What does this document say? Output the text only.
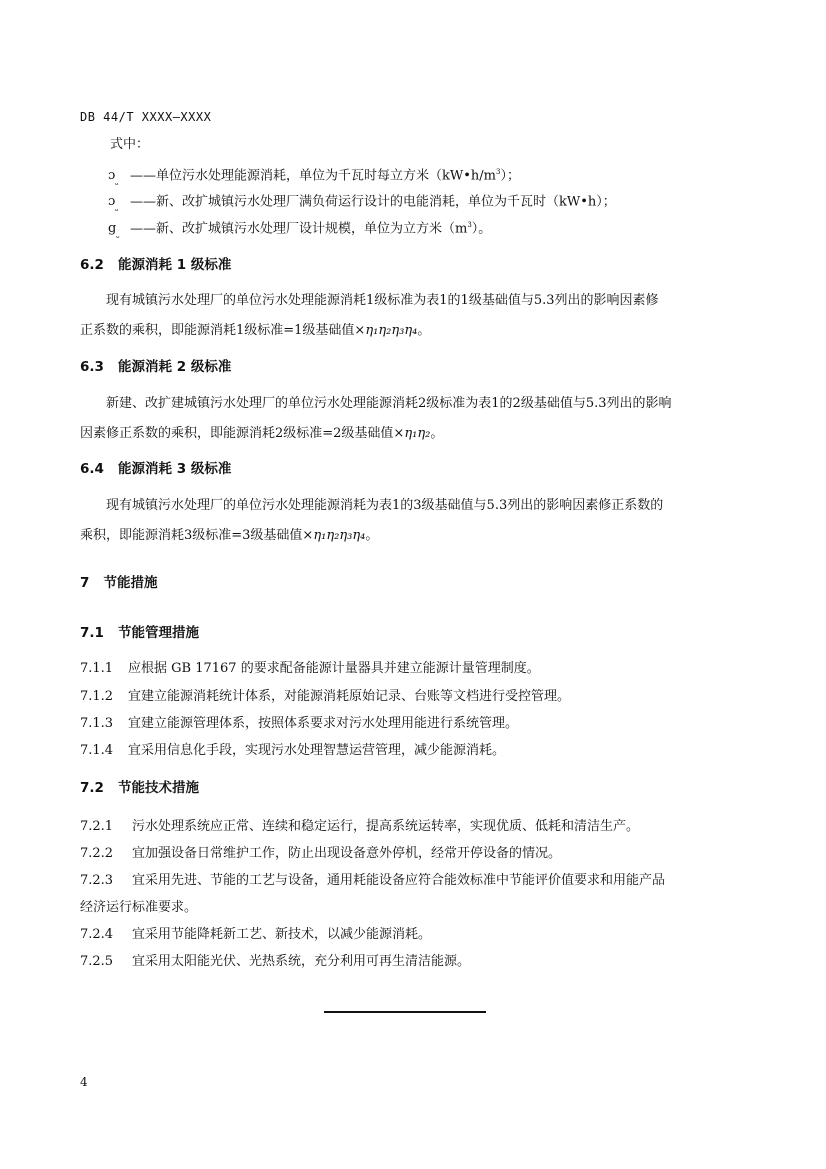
DB 44/T XXXX—XXXX
式中：
ɔ$_⎵$ ——单位污水处理能源消耗，单位为千瓦时每立方米$(kW•h/m^3)$；
ɔ$_⎵$ ——新、改扩城镇污水处理厂满负荷运行设计的电能消耗，单位为千瓦时（kW•h）；
$g_⎵$ ——新、改扩城镇污水处理厂设计规模，单位为立方米$(m^3)$。
6.2 能源消耗 1 级标准
现有城镇污水处理厂的单位污水处理能源消耗1级标准为表1的1级基础值与5.3列出的影响因素修
正系数的乘积，即能源消耗1级标准=1级基础值×η₁η₂η₃η₄。
6.3 能源消耗 2 级标准
新建、改扩建城镇污水处理厂的单位污水处理能源消耗2级标准为表1的2级基础值与5.3列出的影响
因素修正系数的乘积，即能源消耗2级标准=2级基础值×η₁η₂。
6.4 能源消耗 3 级标准
现有城镇污水处理厂的单位污水处理能源消耗为表1的3级基础值与5.3列出的影响因素修正系数的
乘积，即能源消耗3级标准=3级基础值×η₁η₂η₃η₄。
7 节能措施
7.1 节能管理措施
7.1.1 应根据 GB 17167 的要求配备能源计量器具并建立能源计量管理制度。
7.1.2 宜建立能源消耗统计体系，对能源消耗原始记录、台账等文档进行受控管理。
7.1.3 宜建立能源管理体系，按照体系要求对污水处理用能进行系统管理。
7.1.4 宜采用信息化手段，实现污水处理智慧运营管理，减少能源消耗。
7.2 节能技术措施
7.2.1 污水处理系统应正常、连续和稳定运行，提高系统运转率，实现优质、低耗和清洁生产。
7.2.2 宜加强设备日常维护工作，防止出现设备意外停机，经常开停设备的情况。
7.2.3 宜采用先进、节能的工艺与设备，通用耗能设备应符合能效标准中节能评价值要求和用能产品
经济运行标准要求。
7.2.4 宜采用节能降耗新工艺、新技术，以减少能源消耗。
7.2.5 宜采用太阳能光伏、光热系统，充分利用可再生清洁能源。
4
